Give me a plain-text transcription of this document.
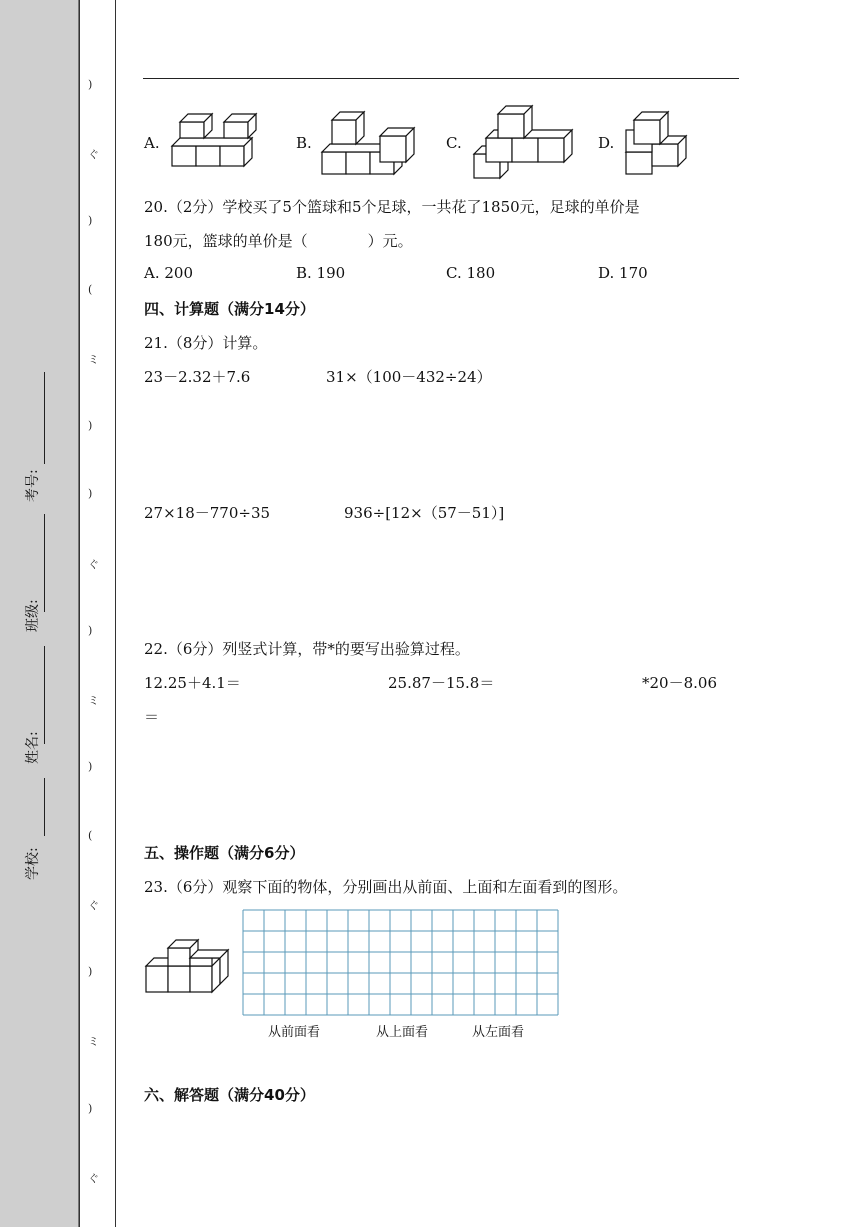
考号:
班级:
姓名:
学校:
)
ぐ
)
(
ミ
)
)
ぐ
)
ミ
)
(
ぐ
)
ミ
)
ぐ
A.	B.	C.	D.
20.（2分）学校买了5个篮球和5个足球，一共花了1850元，足球的单价是
180元，篮球的单价是（　　　　）元。
A. 200	B. 190	C. 180	D. 170
四、计算题（满分14分）
21.（8分）计算。
23－2.32＋7.6	31×（100－432÷24）
27×18－770÷35	936÷[12×（57－51）]
22.（6分）列竖式计算，带*的要写出验算过程。
12.25＋4.1＝	25.87－15.8＝	*20－8.06
＝
五、操作题（满分6分）
23.（6分）观察下面的物体，分别画出从前面、上面和左面看到的图形。
从前面看	从上面看	从左面看
六、解答题（满分40分）
